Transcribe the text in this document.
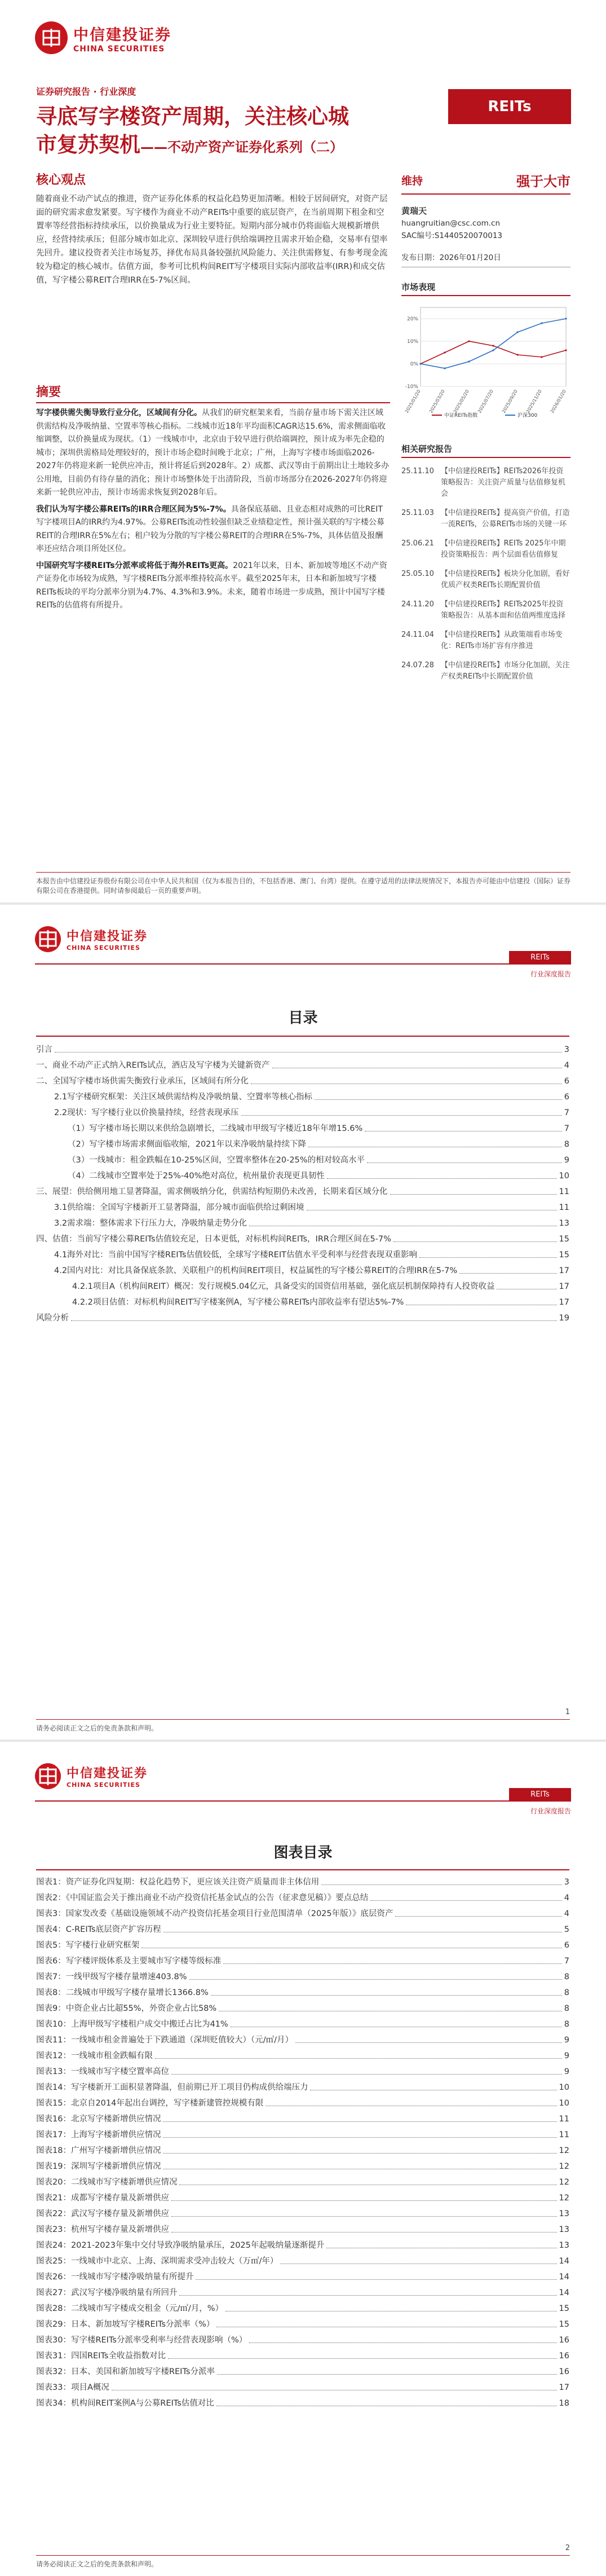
中信建投证券
CHINA SECURITIES
证券研究报告 · 行业深度
REITs
寻底写字楼资产周期，关注核心城
市复苏契机——不动产资产证券化系列（二）
核心观点

随着商业不动产试点的推进，资产证券化体系的权益化趋势更加清晰。相较于居间研究，对资产层面的研究需求愈发紧要。写字楼作为商业不动产REITs中重要的底层资产，在当前周期下租金和空置率等经营指标持续承压，以价换量成为行业主要特征。短期内部分城市仍将面临大规模新增供应，经营持续承压；但部分城市如北京、深圳较早进行供给端调控且需求开始企稳，交易率有望率先回升。建议投资者关注市场复苏，择优布局具备较强抗风险能力、关注供需修复、有参考现金流较为稳定的核心城市。估值方面，参考可比机构间REIT写字楼项目实际内部收益率(IRR)和成交估值，写字楼公募REIT合理IRR在5-7%区间。

摘要

写字楼供需失衡导致行业分化，区域间有分化。从我们的研究框架来看，当前存量市场下需关注区域供需结构及净吸纳量、空置率等核心指标。二线城市近18年平均面积CAGR达15.6%，需求侧面临收缩调整，以价换量成为现状。（1）一线城市中，北京由于较早进行供给端调控，预计成为率先企稳的城市；深圳供需格局处理较好的，预计市场企稳时间晚于北京；广州，上海写字楼市场面临2026-2027年仍将迎来新一轮供应冲击，预计将延后到2028年。2）成都、武汉等由于前期出让土地较多办公用地，目前仍有待存量的消化；预计市场整体处于出清阶段，当前市场部分在2026-2027年仍将迎来新一轮供应冲击，预计市场需求恢复到2028年后。

我们认为写字楼公募REITs的IRR合理区间为5%-7%。具备保底基础、且业态相对成熟的可比REIT写字楼项目A的IRR约为4.97%。公募REITs流动性较强但缺乏业绩稳定性，预计强关联的写字楼公募REIT的合理IRR在5%左右；租户较为分散的写字楼公募REIT的合理IRR在5%-7%，具体估值及报酬率还应结合项目所处区位。

中国研究写字楼REITs分派率或将低于海外REITs更高。2021年以来，日本、新加坡等地区不动产资产证券化市场较为成熟，写字楼REITs分派率维持较高水平。截至2025年末，日本和新加坡写字楼REITs板块的平均分派率分别为4.7%、4.3%和3.9%。未来，随着市场进一步成熟，预计中国写字楼REITs的估值将有所提升。

维持	强于大市
黄瑞天
huangruitian@csc.com.cn
SAC编号:S1440520070013
发布日期：2026年01月20日
市场表现
-10%
0%
10%
20%
2025/01/20 2025/03/20 2025/05/20 2025/07/20 2025/09/20 2025/11/20 2026/01/20
中证REITs指数	沪深300
相关研究报告
25.11.10 【中信建投REITs】REITs2026年投资策略报告：关注资产质量与估值修复机会
25.11.03 【中信建投REITs】提高资产价值，打造一流REITs，公募REITs市场的关键一环
25.06.21 【中信建投REITs】REITs 2025年中期投资策略报告：两个层面看估值修复
25.05.10 【中信建投REITs】板块分化加剧，看好优质产权类REITs长期配置价值
24.11.20 【中信建投REITs】REITs2025年投资策略报告：从基本面和估值两维度选择
24.11.04 【中信建投REITs】从政策端看市场变化：REITs市场扩容有序推进
24.07.28 【中信建投REITs】市场分化加剧，关注产权类REITs中长期配置价值
本报告由中信建投证券股份有限公司在中华人民共和国（仅为本报告目的，不包括香港、澳门、台湾）提供。在遵守适用的法律法规情况下，本报告亦可能由中信建投（国际）证券有限公司在香港提供。同时请参阅最后一页的重要声明。
中信建投证券
CHINA SECURITIES
REITs
行业深度报告
目录
引言	3
一、商业不动产正式纳入REITs试点，酒店及写字楼为关键新资产	4
二、全国写字楼市场供需失衡致行业承压，区域间有所分化	6
2.1写字楼研究框架：关注区域供需结构及净吸纳量、空置率等核心指标	6
2.2现状：写字楼行业以价换量持续，经营表现承压	7
（1）写字楼市场长期以来供给急剧增长，二线城市甲级写字楼近18年年增15.6%	7
（2）写字楼市场需求侧面临收缩，2021年以来净吸纳量持续下降	8
（3）一线城市：租金跌幅在10-25%区间，空置率整体在20-25%的相对较高水平	9
（4）二线城市空置率处于25%-40%绝对高位，杭州量价表现更具韧性	10
三、展望：供给侧用地工显著降温，需求侧吸纳分化，供需结构短期仍未改善，长期来看区域分化	11
3.1供给端：全国写字楼新开工显著降温，部分城市面临供给过剩困境	11
3.2需求端：整体需求下行压力大，净吸纳量走势分化	13
四、估值：当前写字楼公募REITs估值较充足，日本更低，对标机构间REITs，IRR合理区间在5-7%	15
4.1海外对比：当前中国写字楼REITs估值较低，全球写字楼REIT估值水平受利率与经营表现双重影响	15
4.2国内对比：对比具备保底条款、关联租户的机构间REIT项目，权益属性的写字楼公募REIT的合理IRR在5-7%	17
4.2.1项目A（机构间REIT）概况：发行规模5.04亿元，具备受实的国资信用基础，强化底层机制保障持有人投资收益	17
4.2.2项目估值：对标机构间REIT写字楼案例A，写字楼公募REITs内部收益率有望达5%-7%	17
风险分析	19
1
请务必阅读正文之后的免责条款和声明。
中信建投证券
CHINA SECURITIES
REITs
行业深度报告
图表目录
图表1：资产证券化四复期：权益化趋势下，更应该关注资产质量而非主体信用	3
图表2：《中国证监会关于推出商业不动产投资信托基金试点的公告（征求意见稿）》要点总结	4
图表3：国家发改委《基础设施领域不动产投资信托基金项目行业范围清单（2025年版）》底层资产	4
图表4：C-REITs底层资产扩容历程	5
图表5：写字楼行业研究框架	6
图表6：写字楼评级体系及主要城市写字楼等级标准	7
图表7：一线甲级写字楼存量增速403.8%	8
图表8：二线城市甲级写字楼存量增长1366.8%	8
图表9：中资企业占比超55%，外资企业占比58%	8
图表10：上海甲级写字楼租户成交中搬迁占比为41%	8
图表11：一线城市租金普遍处于下跌通道（深圳贬值较大）（元/㎡/月）	9
图表12：一线城市租金跌幅有限	9
图表13：一线城市写字楼空置率高位	9
图表14：写字楼新开工面积显著降温，但前期已开工项目仍构成供给端压力	10
图表15：北京自2014年起出台调控，写字楼新建管控规模有限	10
图表16：北京写字楼新增供应情况	11
图表17：上海写字楼新增供应情况	11
图表18：广州写字楼新增供应情况	12
图表19：深圳写字楼新增供应情况	12
图表20：二线城市写字楼新增供应情况	12
图表21：成都写字楼存量及新增供应	12
图表22：武汉写字楼存量及新增供应	13
图表23：杭州写字楼存量及新增供应	13
图表24：2021-2023年集中交付导致净吸纳量承压，2025年起吸纳量逐渐提升	13
图表25：一线城市中北京、上海、深圳需求受冲击较大（万㎡/年）	14
图表26：一线城市写字楼净吸纳量有所提升	14
图表27：武汉写字楼净吸纳量有所回升	14
图表28：二线城市写字楼成交租金（元/㎡/月，%）	15
图表29：日本、新加坡写字楼REITs分派率（%）	15
图表30：写字楼REITs分派率受利率与经营表现影响（%）	16
图表31：四国REITs全收益指数对比	16
图表32：日本、美国和新加坡写字楼REITs分派率	16
图表33：项目A概况	17
图表34：机构间REIT案例A与公募REITs估值对比	18
2
请务必阅读正文之后的免责条款和声明。
